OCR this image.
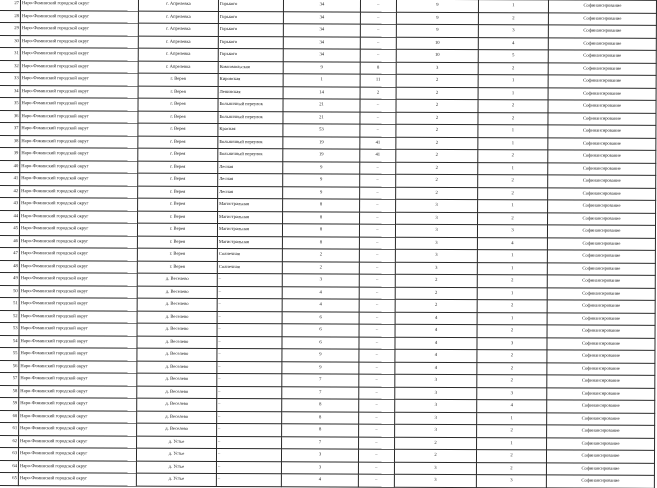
27	Наро-Фоминский городской округ	г. Апрелевка	Горького	34	–	9	1	Софинансирование
28	Наро-Фоминский городской округ	г. Апрелевка	Горького	34	–	9	2	Софинансирование
29	Наро-Фоминский городской округ	г. Апрелевка	Горького	34	–	9	3	Софинансирование
30	Наро-Фоминский городской округ	г. Апрелевка	Горького	34	–	10	4	Софинансирование
31	Наро-Фоминский городской округ	г. Апрелевка	Горького	34	–	10	5	Софинансирование
32	Наро-Фоминский городской округ	г. Апрелевка	Комсомольская	9	8	3	2	Софинансирование
33	Наро-Фоминский городской округ	г. Верея	Кировская	1	11	2	1	Софинансирование
34	Наро-Фоминский городской округ	г. Верея	Ленинская	14	2	2	1	Софинансирование
35	Наро-Фоминский городской округ	г. Верея	Больничный переулок	21	–	2	2	Софинансирование
36	Наро-Фоминский городской округ	г. Верея	Больничный переулок	21	–	2	2	Софинансирование
37	Наро-Фоминский городской округ	г. Верея	Красная	53	–	2	1	Софинансирование
38	Наро-Фоминский городской округ	г. Верея	Больничный переулок	19	41	2	1	Софинансирование
39	Наро-Фоминский городской округ	г. Верея	Больничный переулок	19	41	2	2	Софинансирование
40	Наро-Фоминский городской округ	г. Верея	Лесная	9	–	2	1	Софинансирование
41	Наро-Фоминский городской округ	г. Верея	Лесная	9	–	2	2	Софинансирование
42	Наро-Фоминский городской округ	г. Верея	Лесная	9	–	2	2	Софинансирование
43	Наро-Фоминский городской округ	г. Верея	Магистральная	8	–	3	1	Софинансирование
44	Наро-Фоминский городской округ	г. Верея	Магистральная	8	–	3	2	Софинансирование
45	Наро-Фоминский городской округ	г. Верея	Магистральная	8	–	3	3	Софинансирование
46	Наро-Фоминский городской округ	г. Верея	Магистральная	8	–	3	4	Софинансирование
47	Наро-Фоминский городской округ	г. Верея	Солнечная	2	–	3	1	Софинансирование
48	Наро-Фоминский городской округ	г. Верея	Солнечная	2	–	3	1	Софинансирование
49	Наро-Фоминский городской округ	д. Веселево	–	3	–	2	2	Софинансирование
50	Наро-Фоминский городской округ	д. Веселево	–	4	–	2	1	Софинансирование
51	Наро-Фоминский городской округ	д. Веселево	–	4	–	2	2	Софинансирование
52	Наро-Фоминский городской округ	д. Веселево	–	6	–	4	1	Софинансирование
53	Наро-Фоминский городской округ	д. Веселево	–	6	–	4	2	Софинансирование
54	Наро-Фоминский городской округ	д. Веселево	–	6	–	4	3	Софинансирование
55	Наро-Фоминский городской округ	д. Веселево	–	9	–	4	2	Софинансирование
56	Наро-Фоминский городской округ	д. Веселево	–	9	–	4	2	Софинансирование
57	Наро-Фоминский городской округ	д. Веселево	–	7	–	3	2	Софинансирование
58	Наро-Фоминский городской округ	д. Веселево	–	7	–	3	3	Софинансирование
59	Наро-Фоминский городской округ	д. Веселево	–	8	–	3	4	Софинансирование
60	Наро-Фоминский городской округ	д. Веселево	–	8	–	3	1	Софинансирование
61	Наро-Фоминский городской округ	д. Веселево	–	8	–	3	2	Софинансирование
62	Наро-Фоминский городской округ	д. Устье	–	7	–	2	1	Софинансирование
63	Наро-Фоминский городской округ	д. Устье	–	3	–	2	2	Софинансирование
64	Наро-Фоминский городской округ	д. Устье	–	3	–	3	2	Софинансирование
65	Наро-Фоминский городской округ	д. Устье	–	4	–	3	3	Софинансирование
